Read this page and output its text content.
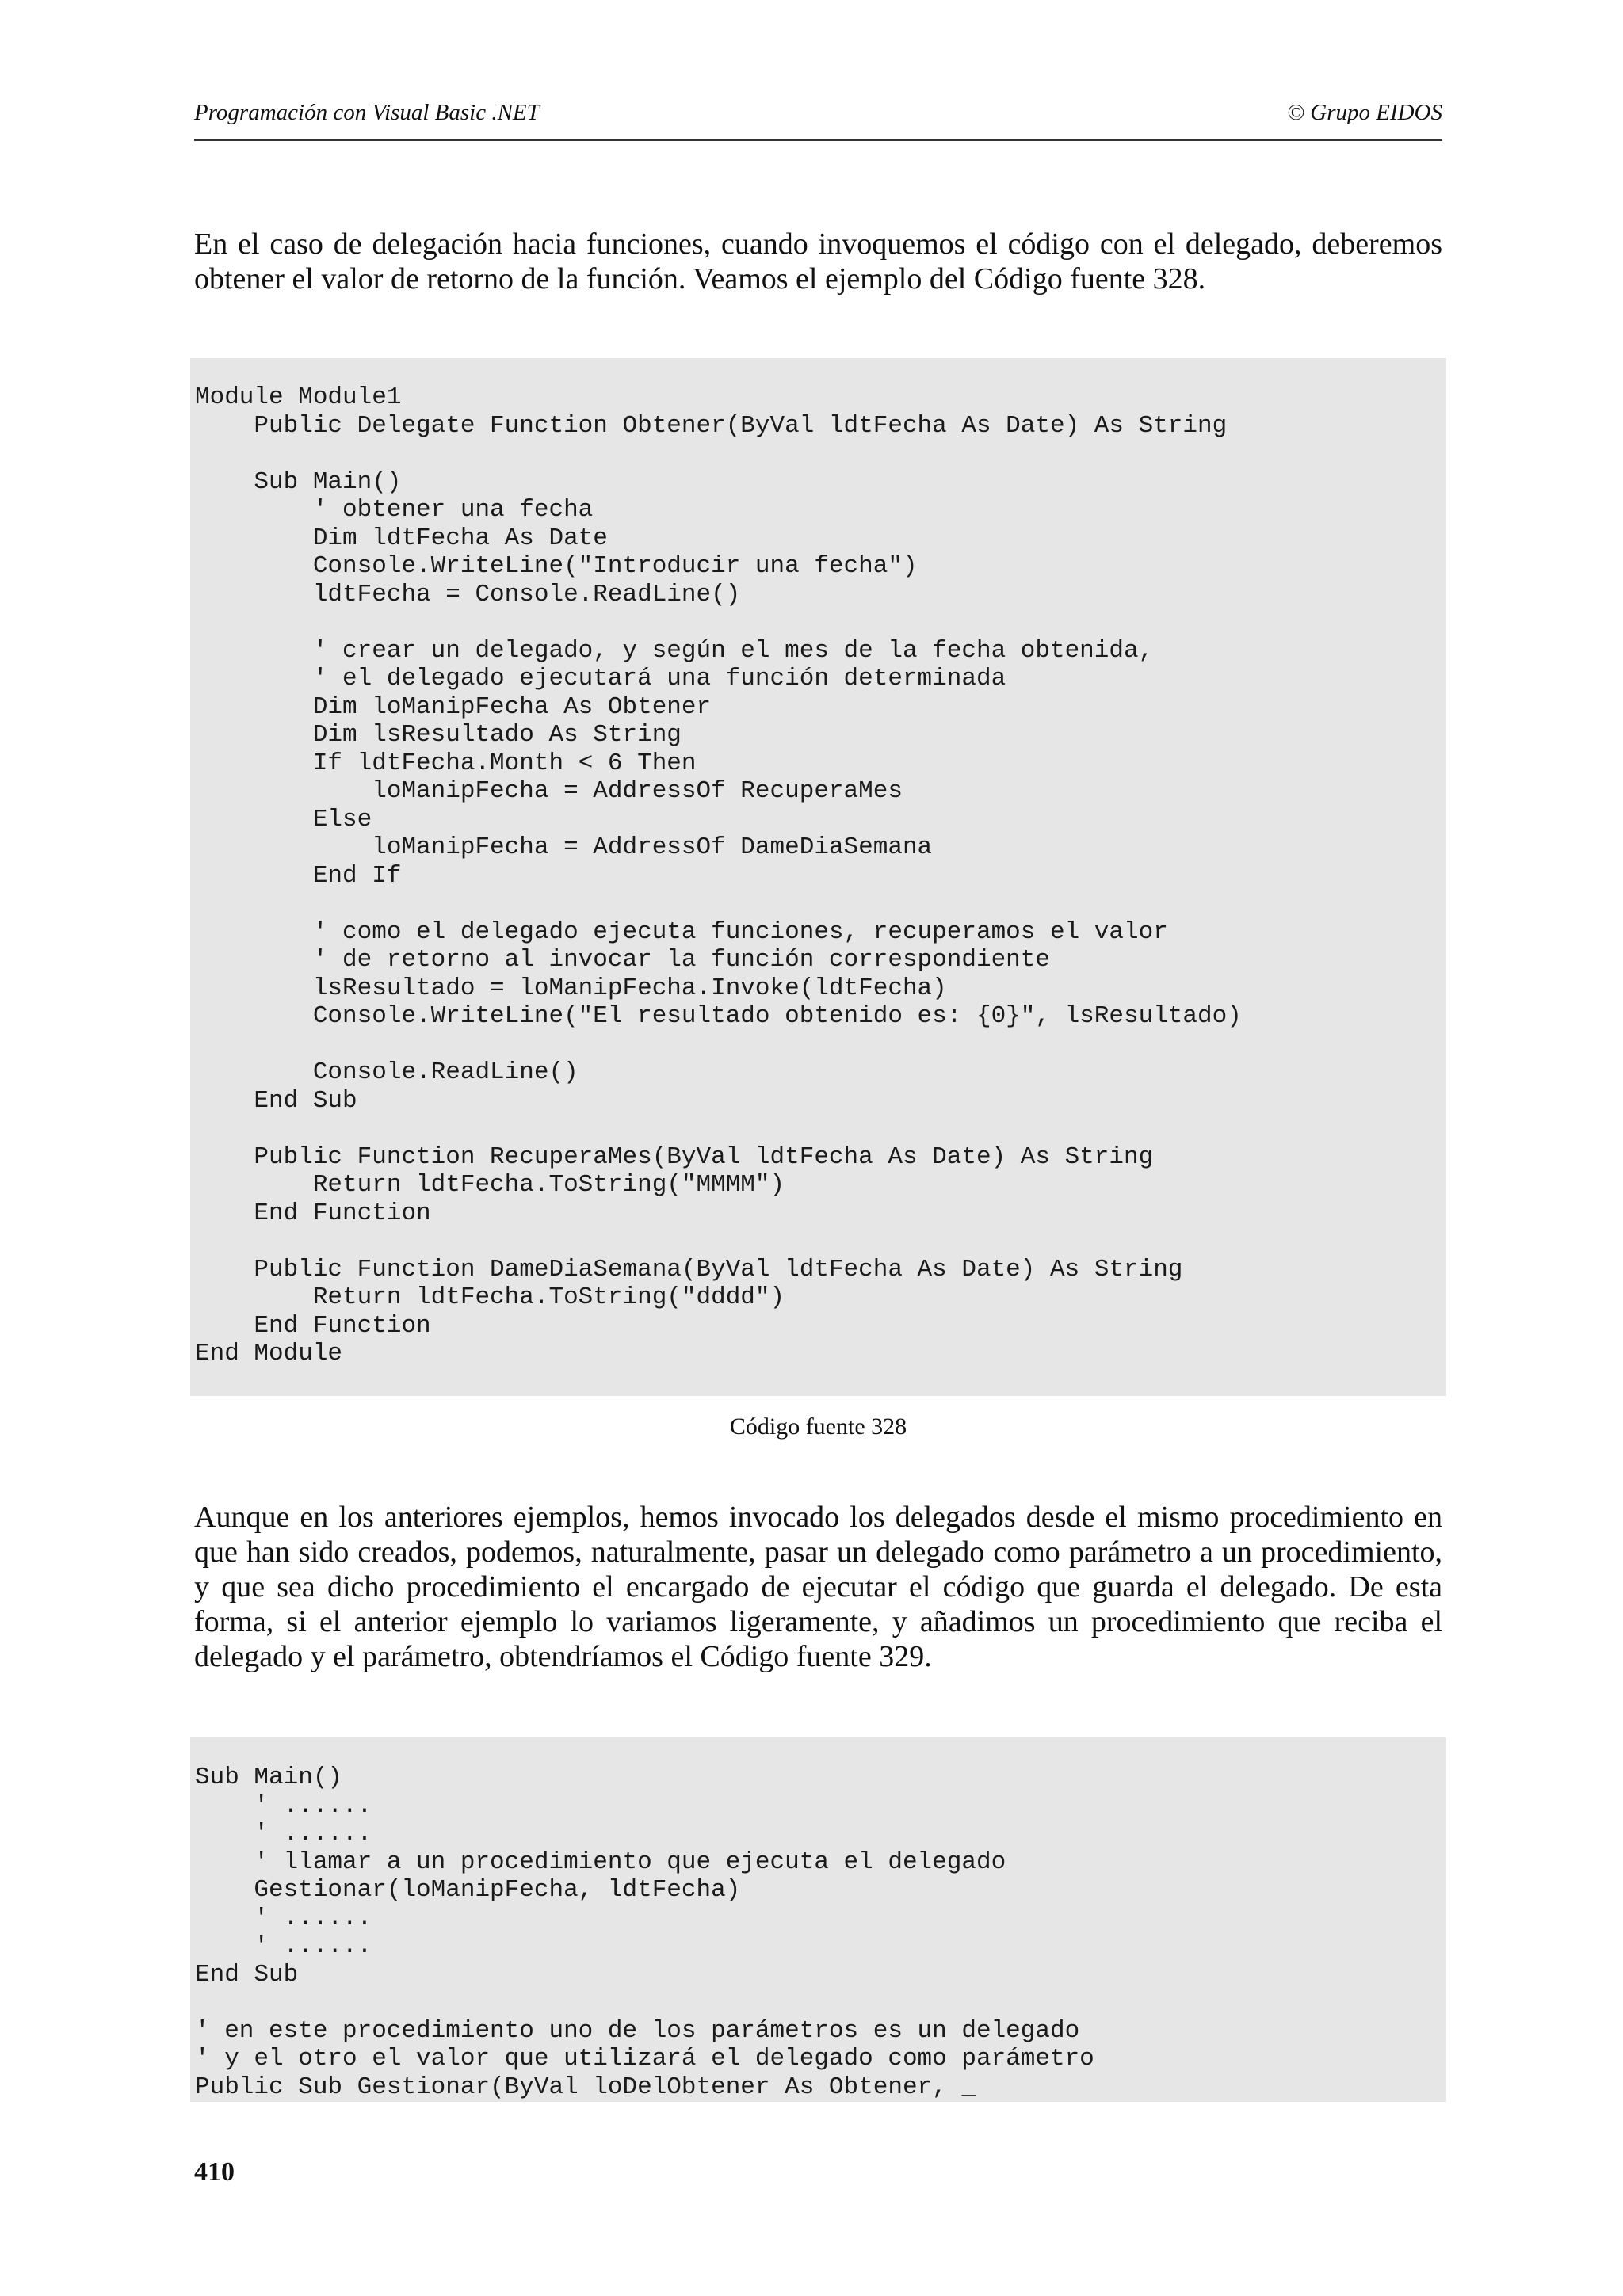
Programación con Visual Basic .NET	© Grupo EIDOS

En el caso de delegación hacia funciones, cuando invoquemos el código con el delegado, deberemos obtener el valor de retorno de la función. Veamos el ejemplo del Código fuente 328.

Module Module1
Public Delegate Function Obtener(ByVal ldtFecha As Date) As String

Sub Main()
' obtener una fecha
Dim ldtFecha As Date
Console.WriteLine("Introducir una fecha")
ldtFecha = Console.ReadLine()

' crear un delegado, y según el mes de la fecha obtenida,
' el delegado ejecutará una función determinada
Dim loManipFecha As Obtener
Dim lsResultado As String
If ldtFecha.Month < 6 Then
loManipFecha = AddressOf RecuperaMes
Else
loManipFecha = AddressOf DameDiaSemana
End If

' como el delegado ejecuta funciones, recuperamos el valor
' de retorno al invocar la función correspondiente
lsResultado = loManipFecha.Invoke(ldtFecha)
Console.WriteLine("El resultado obtenido es: {0}", lsResultado)

Console.ReadLine()
End Sub

Public Function RecuperaMes(ByVal ldtFecha As Date) As String
Return ldtFecha.ToString("MMMM")
End Function

Public Function DameDiaSemana(ByVal ldtFecha As Date) As String
Return ldtFecha.ToString("dddd")
End Function
End Module
Código fuente 328

Aunque en los anteriores ejemplos, hemos invocado los delegados desde el mismo procedimiento en que han sido creados, podemos, naturalmente, pasar un delegado como parámetro a un procedimiento, y que sea dicho procedimiento el encargado de ejecutar el código que guarda el delegado. De esta forma, si el anterior ejemplo lo variamos ligeramente, y añadimos un procedimiento que reciba el delegado y el parámetro, obtendríamos el Código fuente 329.

Sub Main()
' ......
' ......
' llamar a un procedimiento que ejecuta el delegado
Gestionar(loManipFecha, ldtFecha)
' ......
' ......
End Sub

' en este procedimiento uno de los parámetros es un delegado
' y el otro el valor que utilizará el delegado como parámetro
Public Sub Gestionar(ByVal loDelObtener As Obtener, _
410
